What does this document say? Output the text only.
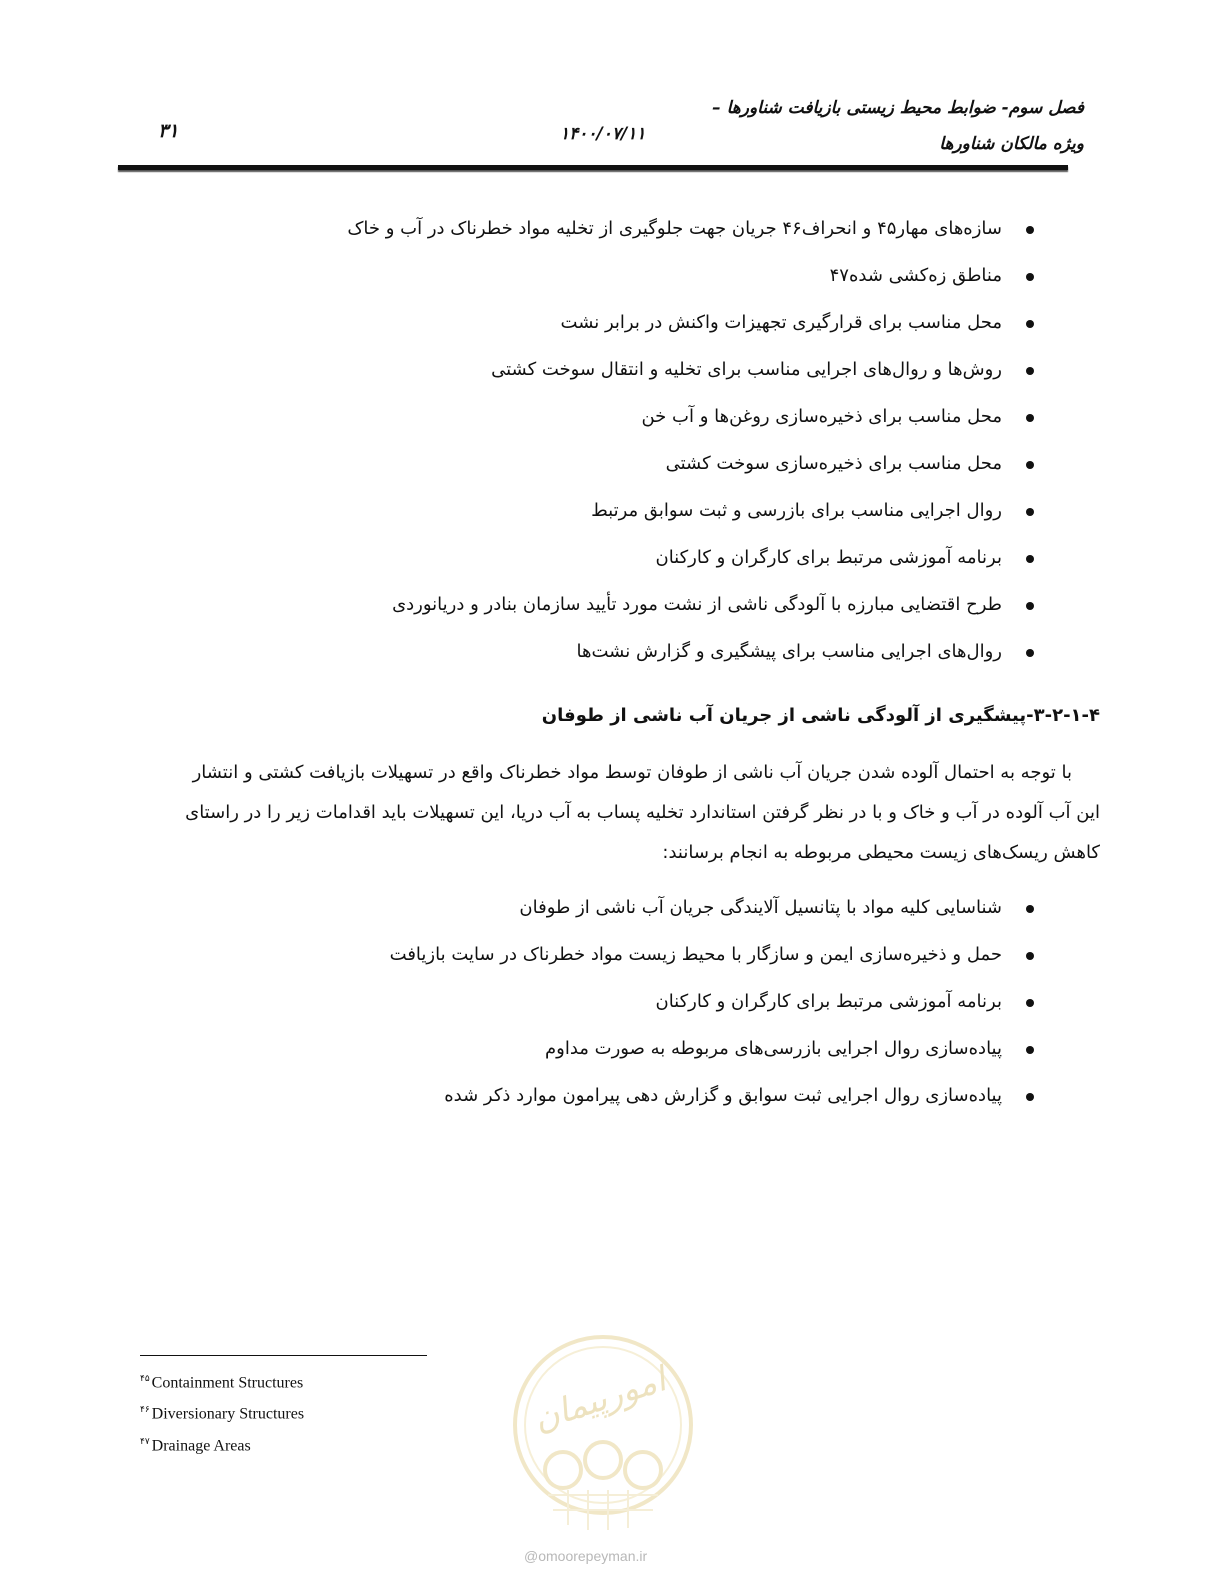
فصل سوم- ضوابط محیط زیستی بازیافت شناورها –
ویژه مالکان شناورها
۱۴۰۰/۰۷/۱۱
۳۱
سازه‌های مهار۴۵ و انحراف۴۶ جریان جهت جلوگیری از تخلیه مواد خطرناک در آب و خاک
مناطق زه‌کشی شده۴۷
محل مناسب برای قرارگیری تجهیزات واکنش در برابر نشت
روش‌ها و روال‌های اجرایی مناسب برای تخلیه و انتقال سوخت کشتی
محل مناسب برای ذخیره‌سازی روغن‌ها و آب خن
محل مناسب برای ذخیره‌سازی سوخت کشتی
روال اجرایی مناسب برای بازرسی و ثبت سوابق مرتبط
برنامه آموزشی مرتبط برای کارگران و کارکنان
طرح اقتضایی مبارزه با آلودگی ناشی از نشت مورد تأیید سازمان بنادر و دریانوردی
روال‌های اجرایی مناسب برای پیشگیری و گزارش نشت‌ها
۳-۲-۱-۴-پیشگیری از آلودگی ناشی از جریان آب ناشی از طوفان
با توجه به احتمال آلوده شدن جریان آب ناشی از طوفان توسط مواد خطرناک واقع در تسهیلات بازیافت کشتی و انتشار
این آب آلوده در آب و خاک و با در نظر گرفتن استاندارد تخلیه پساب به آب دریا، این تسهیلات باید اقدامات زیر را در راستای
کاهش ریسک‌های زیست محیطی مربوطه به انجام برسانند:
شناسایی کلیه مواد با پتانسیل آلایندگی جریان آب ناشی از طوفان
حمل و ذخیره‌سازی ایمن و سازگار با محیط زیست مواد خطرناک در سایت بازیافت
برنامه آموزشی مرتبط برای کارگران و کارکنان
پیاده‌سازی روال اجرایی بازرسی‌های مربوطه به صورت مداوم
پیاده‌سازی روال اجرایی ثبت سوابق و گزارش دهی پیرامون موارد ذکر شده
$^{۴۵}$ Containment Structures
$^{۴۶}$ Diversionary Structures
$^{۴۷}$ Drainage Areas
امورپیمان
@omoorepeyman.ir
